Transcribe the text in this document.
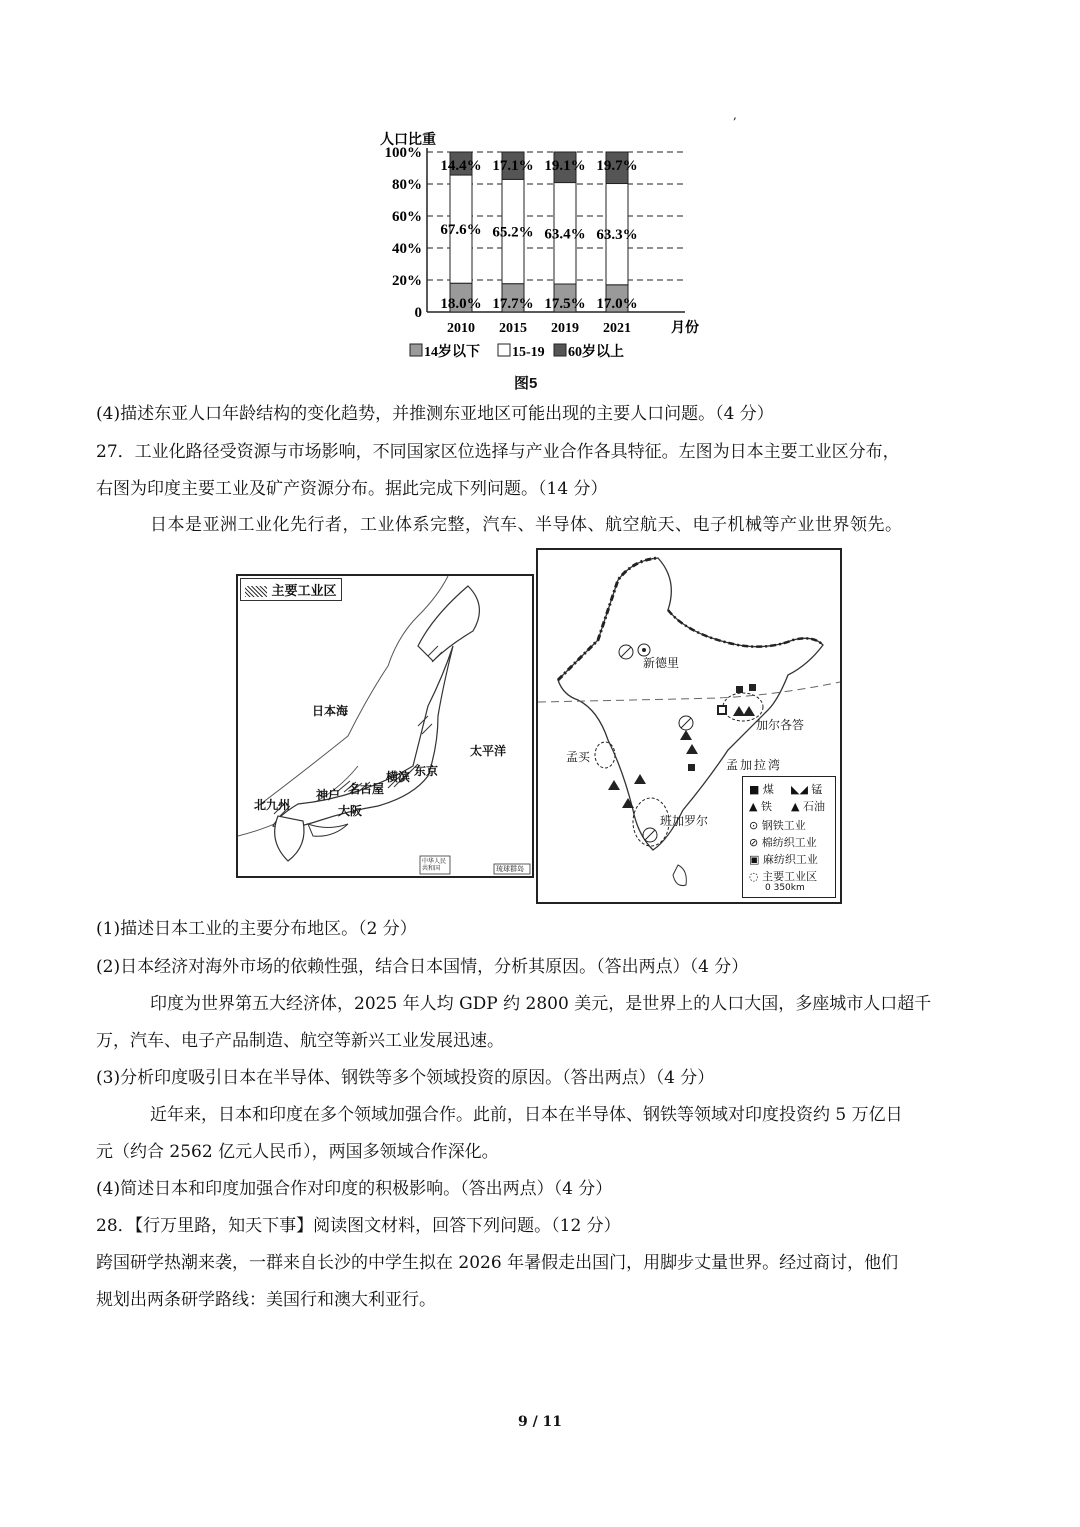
,
人口比重
100%
80%
60%
40%
20%
0
18.0%
67.6%
14.4%
2010
17.7%
65.2%
17.1%
2015
17.5%
63.4%
19.1%
2019
17.0%
63.3%
19.7%
2021	月份
14岁以下 15-19 60岁以上
图5
(4)描述东亚人口年龄结构的变化趋势，并推测东亚地区可能出现的主要人口问题。（4 分）
27．工业化路径受资源与市场影响，不同国家区位选择与产业合作各具特征。左图为日本主要工业区分布，
右图为印度主要工业及矿产资源分布。据此完成下列问题。（14 分）
日本是亚洲工业化先行者，工业体系完整，汽车、半导体、航空航天、电子机械等产业世界领先。
主要工业区
日本海
太平洋
北九州
神户 名古屋
横滨 东京
大阪
中华人民共和国	琉球群岛
新德里
加尔各答
孟买
孟加拉湾
班加罗尔
■ 煤 ◣◢ 锰
▲ 铁 ▲ 石油
⊙ 钢铁工业
⊘ 棉纺织工业
▣ 麻纺织工业
◌ 主要工业区
0 350km
(1)描述日本工业的主要分布地区。（2 分）
(2)日本经济对海外市场的依赖性强，结合日本国情，分析其原因。（答出两点）（4 分）
印度为世界第五大经济体，2025 年人均 GDP 约 2800 美元，是世界上的人口大国，多座城市人口超千
万，汽车、电子产品制造、航空等新兴工业发展迅速。
(3)分析印度吸引日本在半导体、钢铁等多个领域投资的原因。（答出两点）（4 分）
近年来，日本和印度在多个领域加强合作。此前，日本在半导体、钢铁等领域对印度投资约 5 万亿日
元（约合 2562 亿元人民币），两国多领域合作深化。
(4)简述日本和印度加强合作对印度的积极影响。（答出两点）（4 分）
28．【行万里路，知天下事】阅读图文材料，回答下列问题。（12 分）
跨国研学热潮来袭，一群来自长沙的中学生拟在 2026 年暑假走出国门，用脚步丈量世界。经过商讨，他们
规划出两条研学路线：美国行和澳大利亚行。
9 / 11
